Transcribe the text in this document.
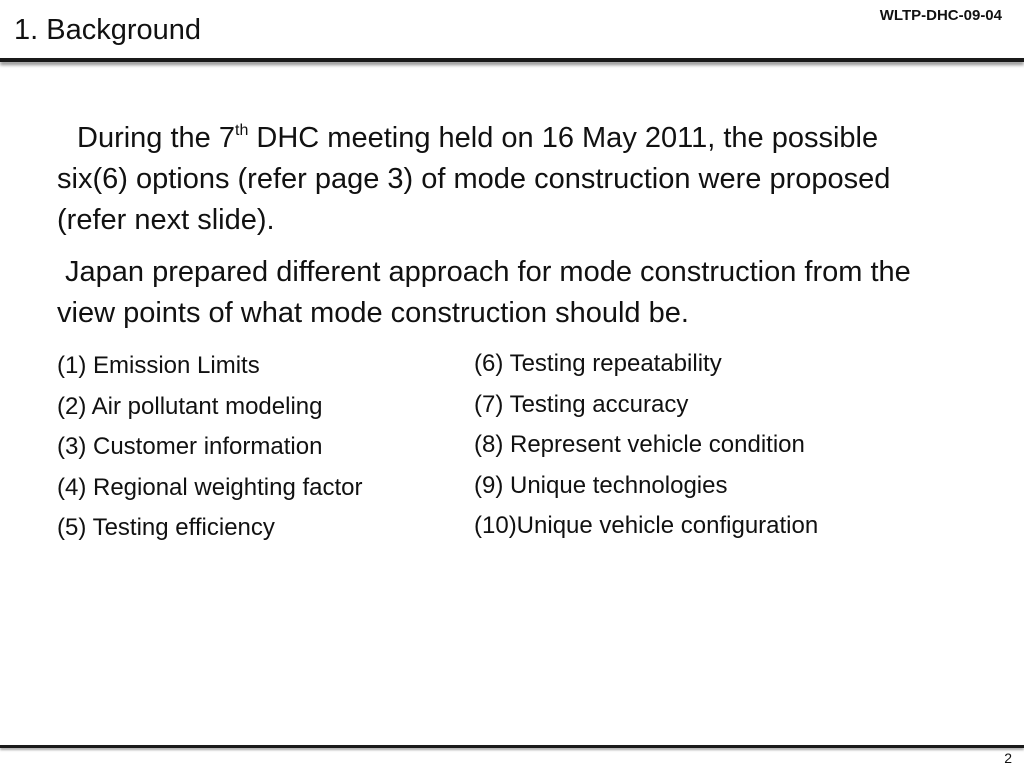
1. Background	WLTP-DHC-09-04

During the 7th DHC meeting held on 16 May 2011, the possible six(6) options (refer page 3) of mode construction were proposed (refer next slide).

Japan prepared different approach for mode construction from the view points of what mode construction should be.

(1) Emission Limits
(2) Air pollutant modeling
(3) Customer information
(4) Regional weighting factor
(5) Testing efficiency
(6) Testing repeatability
(7) Testing accuracy
(8) Represent vehicle condition
(9) Unique technologies
(10)Unique vehicle configuration
2
